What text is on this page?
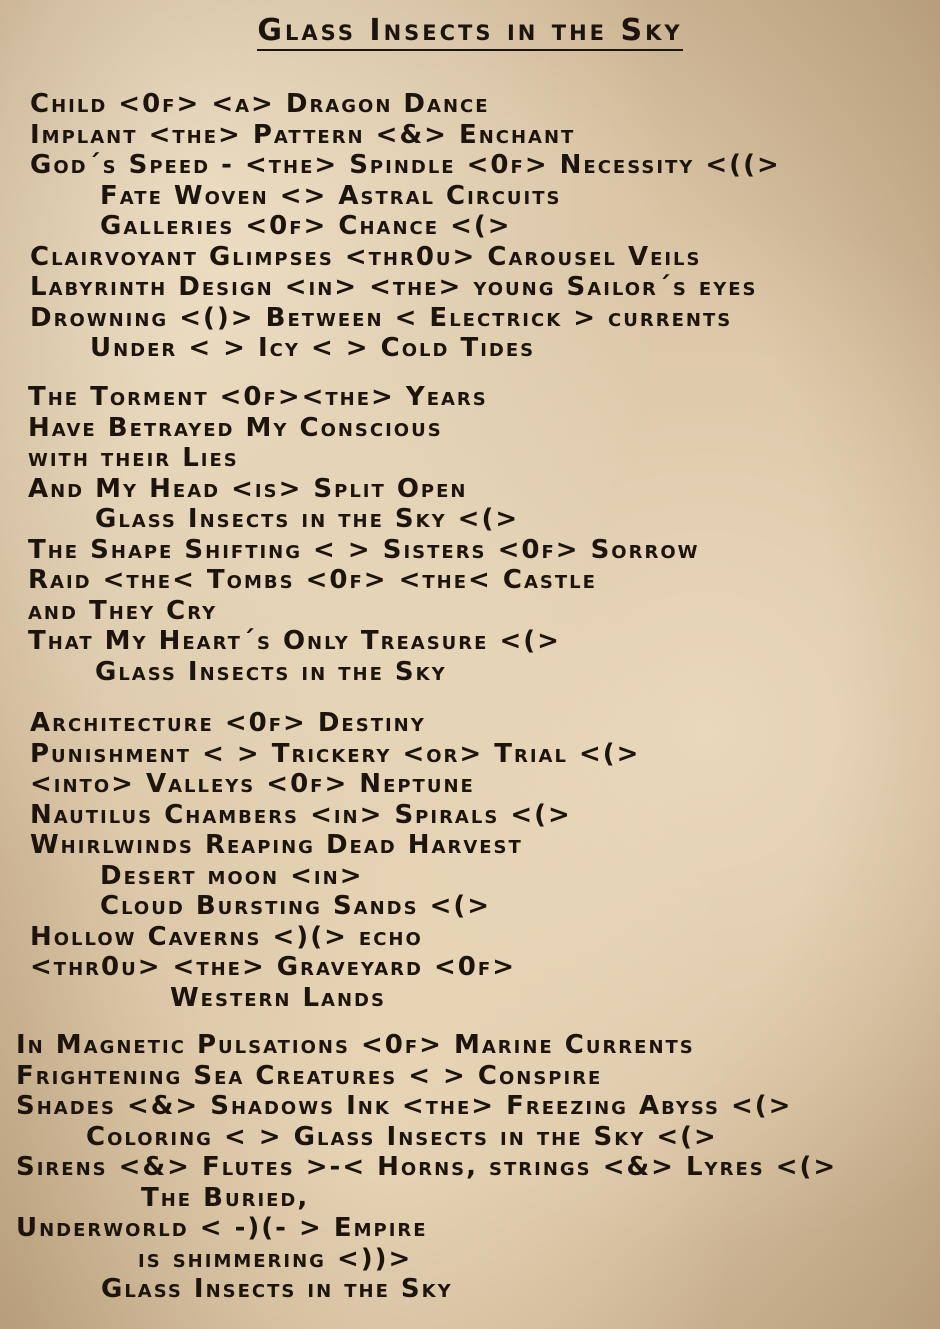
Glass Insects in the Sky
Child <0f> <a> Dragon Dance
Implant <the> Pattern <&> Enchant
God´s Speed - <the> Spindle <0f> Necessity <((>
Fate Woven <> Astral Circuits
Galleries <0f> Chance <(>
Clairvoyant Glimpses <thr0u> Carousel Veils
Labyrinth Design <in> <the> young Sailor´s eyes
Drowning <()> Between < Electrick > currents
Under < > Icy < > Cold Tides
The Torment <0f><the> Years
Have Betrayed My Conscious
with their Lies
And My Head <is> Split Open
Glass Insects in the Sky <(>
The Shape Shifting < > Sisters <0f> Sorrow
Raid <the< Tombs <0f> <the< Castle
and They Cry
That My Heart´s Only Treasure <(>
Glass Insects in the Sky
Architecture <0f> Destiny
Punishment < > Trickery <or> Trial <(>
<into> Valleys <0f> Neptune
Nautilus Chambers <in> Spirals <(>
Whirlwinds Reaping Dead Harvest
Desert moon <in>
Cloud Bursting Sands <(>
Hollow Caverns <)(> echo
<thr0u> <the> Graveyard <0f>
Western Lands
In Magnetic Pulsations <0f> Marine Currents
Frightening Sea Creatures < > Conspire
Shades <&> Shadows Ink <the> Freezing Abyss <(>
Coloring < > Glass Insects in the Sky <(>
Sirens <&> Flutes >-< Horns, strings <&> Lyres <(>
The Buried,
Underworld < -)(- > Empire
is shimmering <))>
Glass Insects in the Sky
